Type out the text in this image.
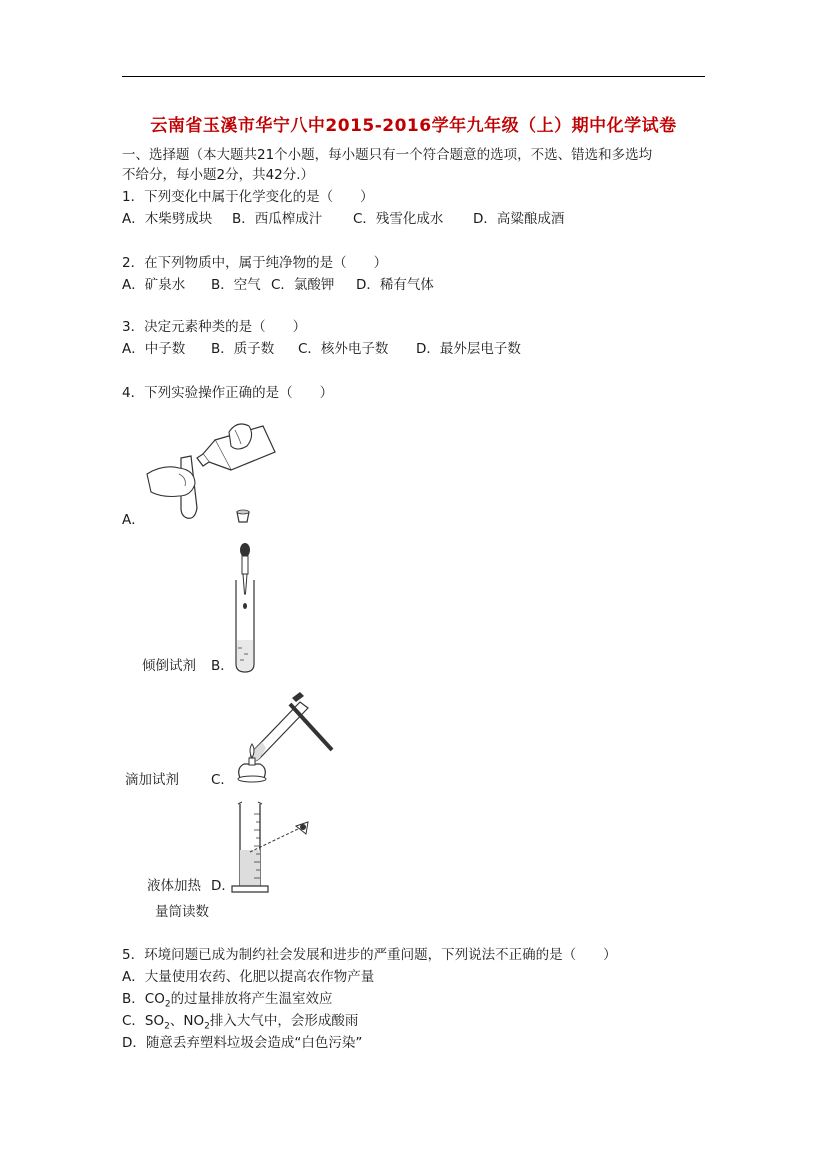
云南省玉溪市华宁八中2015-2016学年九年级（上）期中化学试卷
一、选择题（本大题共21个小题，每小题只有一个符合题意的选项，不选、错选和多选均
不给分，每小题2分，共42分.）
1．下列变化中属于化学变化的是（　　）
A．木柴劈成块 B．西瓜榨成汁 C．残雪化成水 D．高粱酿成酒
2．在下列物质中，属于纯净物的是（　　）
A．矿泉水 B．空气 C．氯酸钾 D．稀有气体
3．决定元素种类的是（　　）
A．中子数 B．质子数 C．核外电子数 D．最外层电子数
4．下列实验操作正确的是（　　）
A．
倾倒试剂 B．
滴加试剂 C．
液体加热 D．
量筒读数
5．环境问题已成为制约社会发展和进步的严重问题，下列说法不正确的是（　　）
A．大量使用农药、化肥以提高农作物产量
B．$CO_2$的过量排放将产生温室效应
C．$SO_2$、$NO_2$排入大气中，会形成酸雨
D．随意丢弃塑料垃圾会造成“白色污染”
